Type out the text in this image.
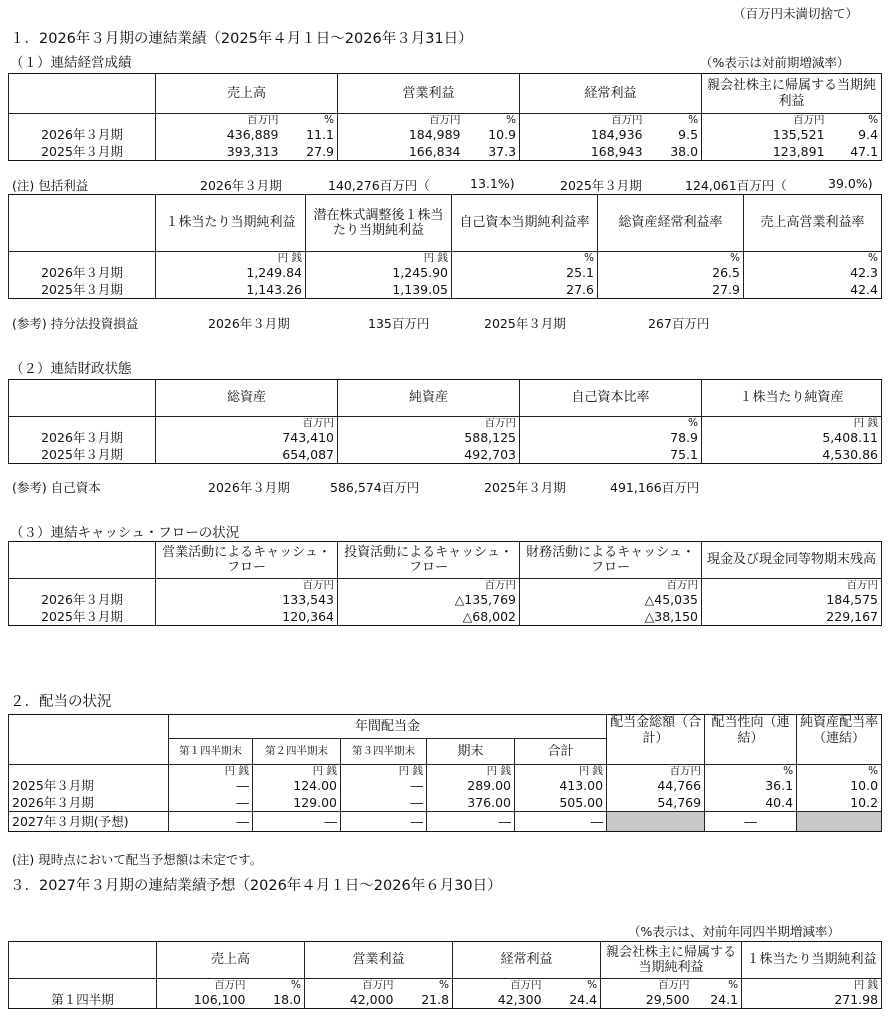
（百万円未満切捨て）
１．2026年３月期の連結業績（2025年４月１日～2026年３月31日）
（１）連結経営成績	（%表示は対前期増減率）
	売上高		営業利益		経常利益		親会社株主に帰属する当期純利益	
	百万円	%	百万円	%	百万円	%	百万円	%
2026年３月期	436,889	11.1	184,989	10.9	184,936	9.5	135,521	9.4
2025年３月期	393,313	27.9	166,834	37.3	168,943	38.0	123,891	47.1
(注) 包括利益	2026年３月期	140,276百万円（	13.1%)	2025年３月期	124,061百万円（	39.0%)
	１株当たり当期純利益	潜在株式調整後１株当たり当期純利益	自己資本当期純利益率	総資産経常利益率	売上高営業利益率
	円 銭	円 銭	%	%	%
2026年３月期	1,249.84	1,245.90	25.1	26.5	42.3
2025年３月期	1,143.26	1,139.05	27.6	27.9	42.4
(参考) 持分法投資損益	2026年３月期	135百万円	2025年３月期	267百万円
（２）連結財政状態
	総資産	純資産	自己資本比率	１株当たり純資産
	百万円	百万円	%	円 銭
2026年３月期	743,410	588,125	78.9	5,408.11
2025年３月期	654,087	492,703	75.1	4,530.86
(参考) 自己資本	2026年３月期	586,574百万円	2025年３月期	491,166百万円
（３）連結キャッシュ・フローの状況
	営業活動によるキャッシュ・フロー	投資活動によるキャッシュ・フロー	財務活動によるキャッシュ・フロー	現金及び現金同等物期末残高
	百万円	百万円	百万円	百万円
2026年３月期	133,543	△135,769	△45,035	184,575
2025年３月期	120,364	△68,002	△38,150	229,167
２．配当の状況
	年間配当金					配当金総額（合計）	配当性向（連結）	純資産配当率（連結）
	第１四半期末	第２四半期末	第３四半期末	期末	合計			
	円 銭	円 銭	円 銭	円 銭	円 銭	百万円	%	%
2025年３月期	―	124.00	―	289.00	413.00	44,766	36.1	10.0
2026年３月期	―	129.00	―	376.00	505.00	54,769	40.4	10.2
2027年３月期(予想)	―	―	―	―	―		―	
(注) 現時点において配当予想額は未定です。
３．2027年３月期の連結業績予想（2026年４月１日～2026年６月30日）
（%表示は、対前年同四半期増減率）
	売上高		営業利益		経常利益		親会社株主に帰属する当期純利益		１株当たり当期純利益
	百万円	%	百万円	%	百万円	%	百万円	%	円 銭
第１四半期	106,100	18.0	42,000	21.8	42,300	24.4	29,500	24.1	271.98
